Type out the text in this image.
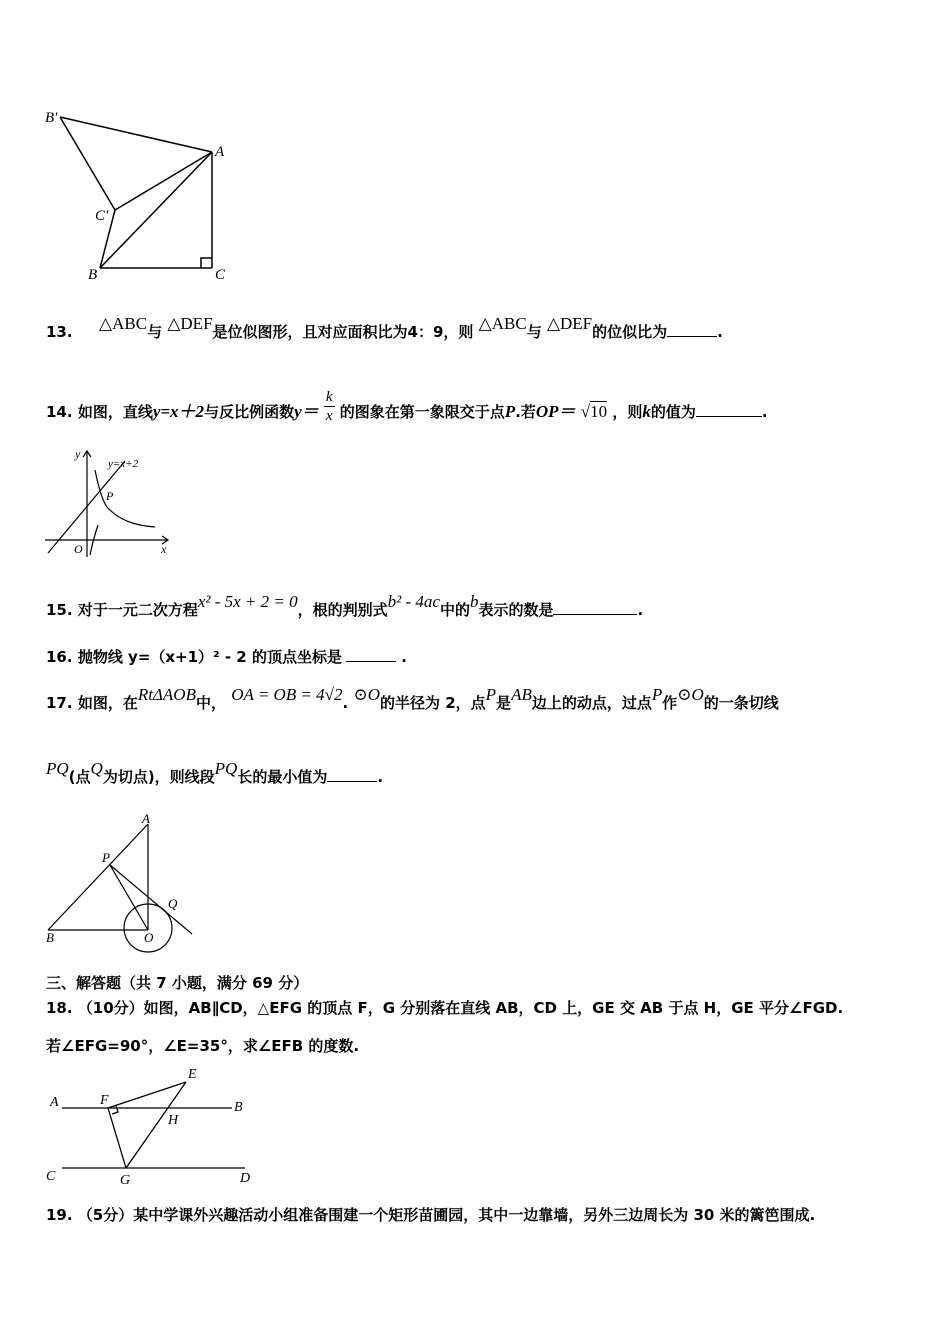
B′
A
C′
B	C
13. △ABC与 △DEF是位似图形，且对应面积比为4：9，则 △ABC与 △DEF的位似比为	.
14. 如图，直线y=x＋2与反比例函数$y= \frac{k}{x}$ 的图象在第一象限交于点P.若OP＝ √10 ，则k的值为	.
y
y=x+2
P
O	x
15. 对于一元二次方程x² - 5x + 2 = 0，根的判别式b² - 4ac中的b表示的数是	.
16. 抛物线 y=（x+1）² - 2 的顶点坐标是	.
17. 如图，在RtΔAOB中， OA = OB = 4√2. ⊙O的半径为 2，点P是AB边上的动点，过点P作⊙O的一条切线
PQ(点Q为切点)，则线段PQ长的最小值为	.
A
P
Q
B	O
三、解答题（共 7 小题，满分 69 分）
18. （10分）如图，AB∥CD，△EFG 的顶点 F，G 分别落在直线 AB，CD 上，GE 交 AB 于点 H，GE 平分∠FGD.
若∠EFG=90°，∠E=35°，求∠EFB 的度数.
A	F
E
B
H
C	G	D
19. （5分）某中学课外兴趣活动小组准备围建一个矩形苗圃园，其中一边靠墙，另外三边周长为 30 米的篱笆围成.
